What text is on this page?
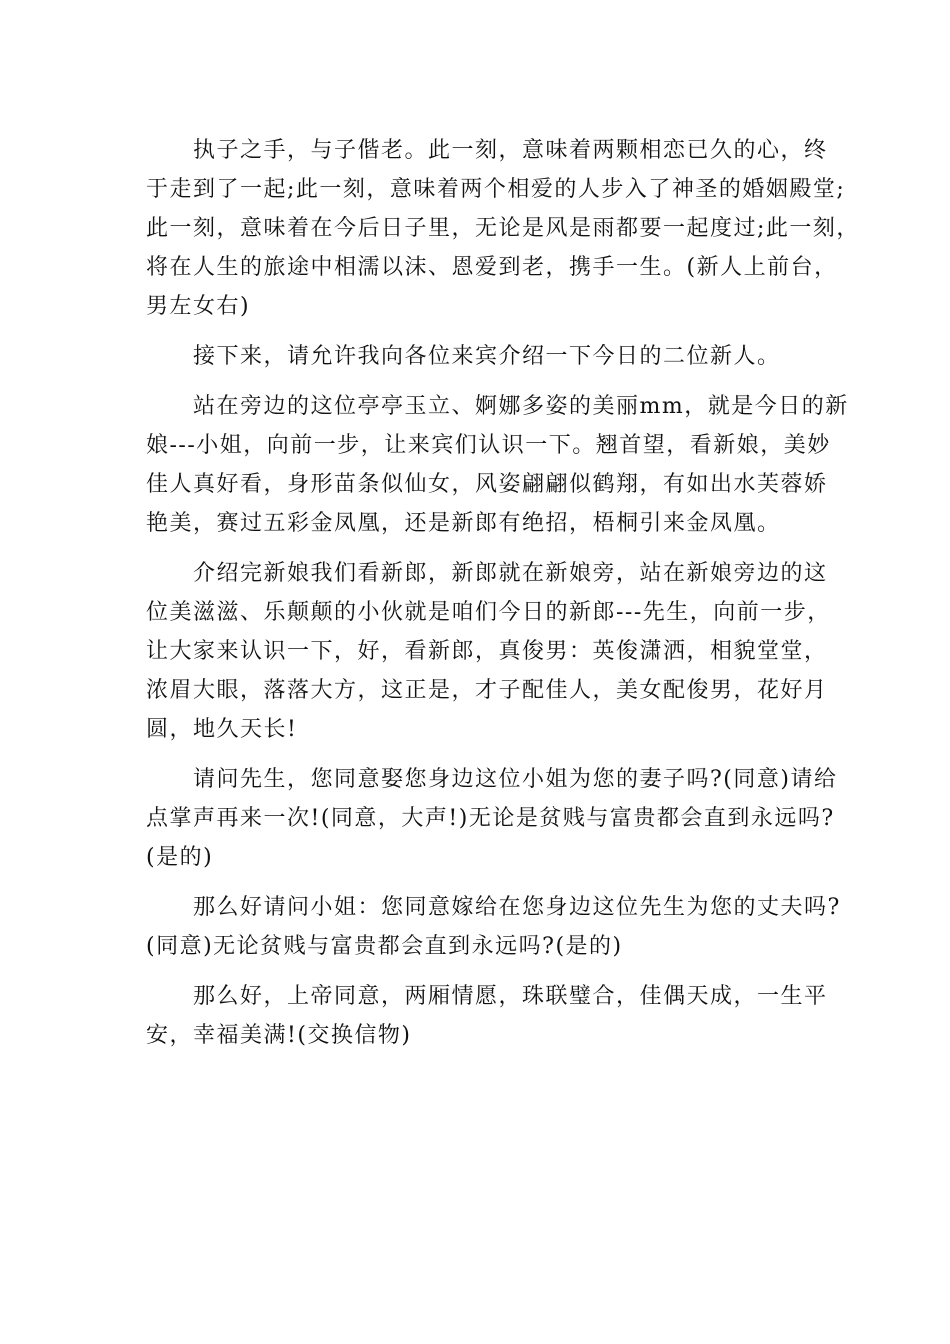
　　执子之手，与子偕老。此一刻，意味着两颗相恋已久的心，终
于走到了一起;此一刻，意味着两个相爱的人步入了神圣的婚姻殿堂;
此一刻，意味着在今后日子里，无论是风是雨都要一起度过;此一刻，
将在人生的旅途中相濡以沫、恩爱到老，携手一生。(新人上前台，
男左女右)

　　接下来，请允许我向各位来宾介绍一下今日的二位新人。

　　站在旁边的这位亭亭玉立、婀娜多姿的美丽mm，就是今日的新
娘---小姐，向前一步，让来宾们认识一下。翘首望，看新娘，美妙
佳人真好看，身形苗条似仙女，风姿翩翩似鹤翔，有如出水芙蓉娇
艳美，赛过五彩金凤凰，还是新郎有绝招，梧桐引来金凤凰。

　　介绍完新娘我们看新郎，新郎就在新娘旁，站在新娘旁边的这
位美滋滋、乐颠颠的小伙就是咱们今日的新郎---先生，向前一步，
让大家来认识一下，好，看新郎，真俊男：英俊潇洒，相貌堂堂，
浓眉大眼，落落大方，这正是，才子配佳人，美女配俊男，花好月
圆，地久天长!

　　请问先生，您同意娶您身边这位小姐为您的妻子吗?(同意)请给
点掌声再来一次!(同意，大声!)无论是贫贱与富贵都会直到永远吗?
(是的)

　　那么好请问小姐：您同意嫁给在您身边这位先生为您的丈夫吗?
(同意)无论贫贱与富贵都会直到永远吗?(是的)

　　那么好，上帝同意，两厢情愿，珠联璧合，佳偶天成，一生平
安，幸福美满!(交换信物)
